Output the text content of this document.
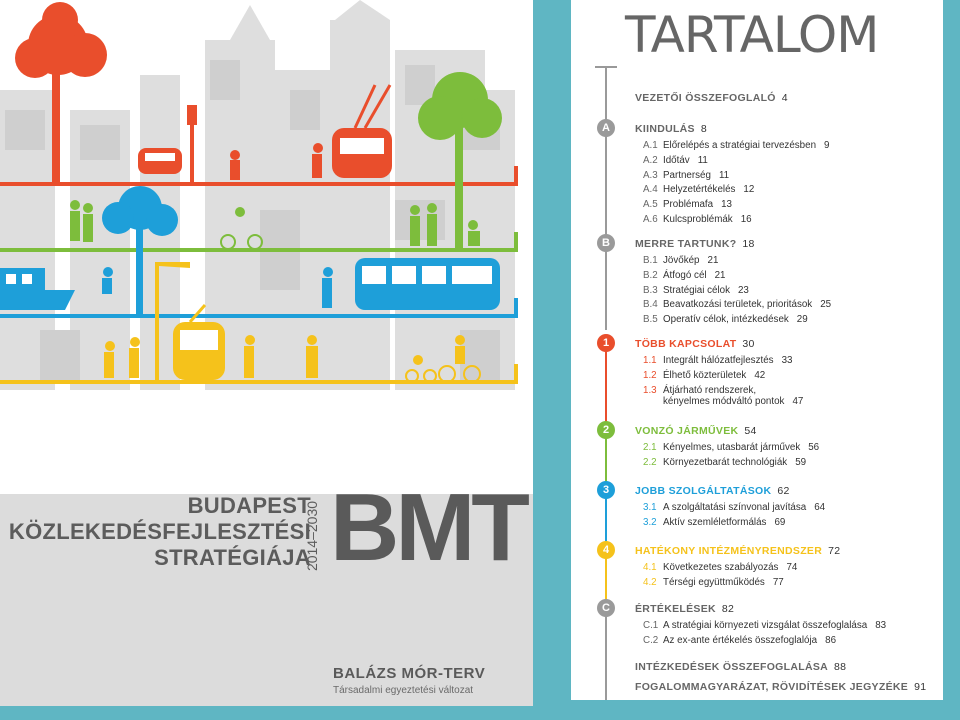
BUDAPEST
KÖZLEKEDÉSFEJLESZTÉSI
STRATÉGIÁJA
2014–2030 BMT
BALÁZS MÓR-TERV
Társadalmi egyeztetési változat
TARTALOM
VEZETŐI ÖSSZEFOGLALÓ 4
KIINDULÁS 8
A
A.1 Előrelépés a stratégiai tervezésben 9
A.2 Időtáv 11
A.3 Partnerség 11
A.4 Helyzetértékelés 12
A.5 Problémafa 13
A.6 Kulcsproblémák 16
MERRE TARTUNK? 18
B
B.1 Jövőkép 21
B.2 Átfogó cél 21
B.3 Stratégiai célok 23
B.4 Beavatkozási területek, prioritások 25
B.5 Operatív célok, intézkedések 29
TÖBB KAPCSOLAT 30
1
1.1 Integrált hálózatfejlesztés 33
1.2 Élhető közterületek 42
1.3 Átjárható rendszerek,
kényelmes módváltó pontok 47
VONZÓ JÁRMŰVEK 54
2
2.1 Kényelmes, utasbarát járművek 56
2.2 Környezetbarát technológiák 59
JOBB SZOLGÁLTATÁSOK 62
3
3.1 A szolgáltatási színvonal javítása 64
3.2 Aktív szemléletformálás 69
HATÉKONY INTÉZMÉNYRENDSZER 72
4
4.1 Következetes szabályozás 74
4.2 Térségi együttműködés 77
ÉRTÉKELÉSEK 82
C
C.1 A stratégiai környezeti vizsgálat összefoglalása 83
C.2 Az ex-ante értékelés összefoglalója 86
INTÉZKEDÉSEK ÖSSZEFOGLALÁSA 88
FOGALOMMAGYARÁZAT, RÖVIDÍTÉSEK JEGYZÉKE 91
